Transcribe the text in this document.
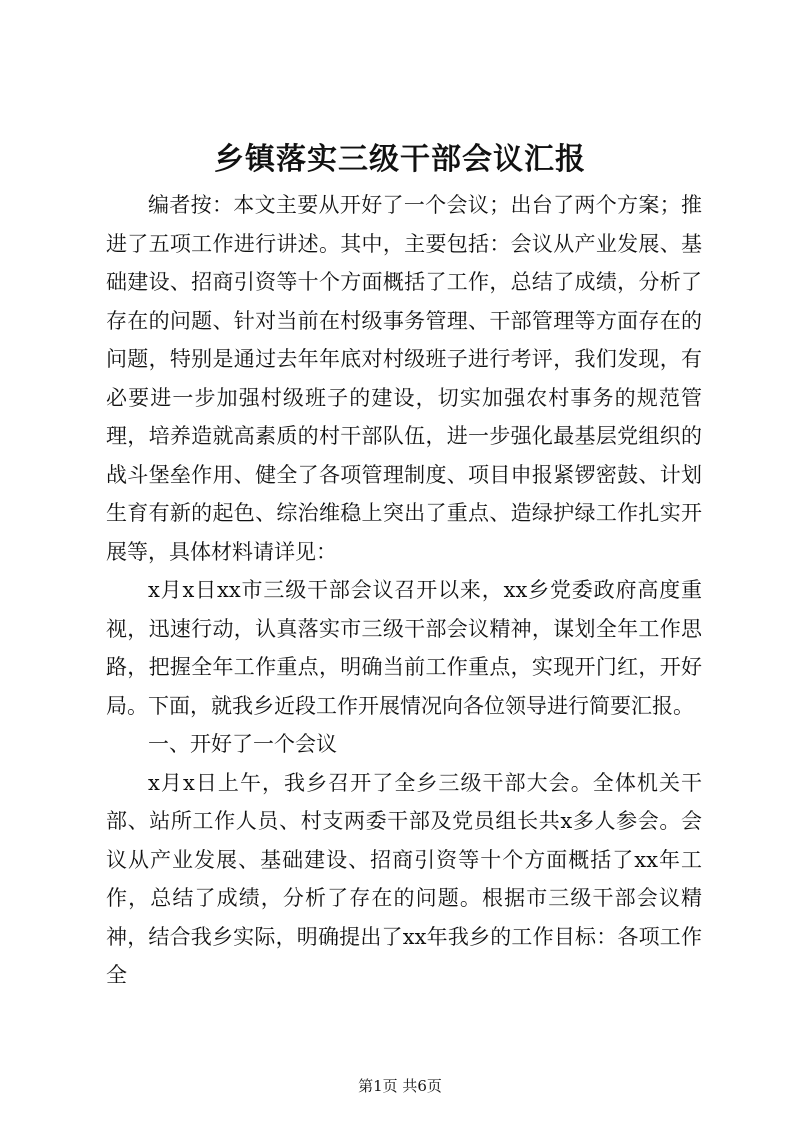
乡镇落实三级干部会议汇报

编者按：本文主要从开好了一个会议；出台了两个方案；推进了五项工作进行讲述。其中，主要包括：会议从产业发展、基础建设、招商引资等十个方面概括了工作，总结了成绩，分析了存在的问题、针对当前在村级事务管理、干部管理等方面存在的问题，特别是通过去年年底对村级班子进行考评，我们发现，有必要进一步加强村级班子的建设，切实加强农村事务的规范管理，培养造就高素质的村干部队伍，进一步强化最基层党组织的战斗堡垒作用、健全了各项管理制度、项目申报紧锣密鼓、计划生育有新的起色、综治维稳上突出了重点、造绿护绿工作扎实开展等，具体材料请详见：

x月x日xx市三级干部会议召开以来，xx乡党委政府高度重视，迅速行动，认真落实市三级干部会议精神，谋划全年工作思路，把握全年工作重点，明确当前工作重点，实现开门红，开好局。下面，就我乡近段工作开展情况向各位领导进行简要汇报。

一、开好了一个会议

x月x日上午，我乡召开了全乡三级干部大会。全体机关干部、站所工作人员、村支两委干部及党员组长共x多人参会。会议从产业发展、基础建设、招商引资等十个方面概括了xx年工作，总结了成绩，分析了存在的问题。根据市三级干部会议精神，结合我乡实际，明确提出了xx年我乡的工作目标：各项工作全

第1页 共6页
